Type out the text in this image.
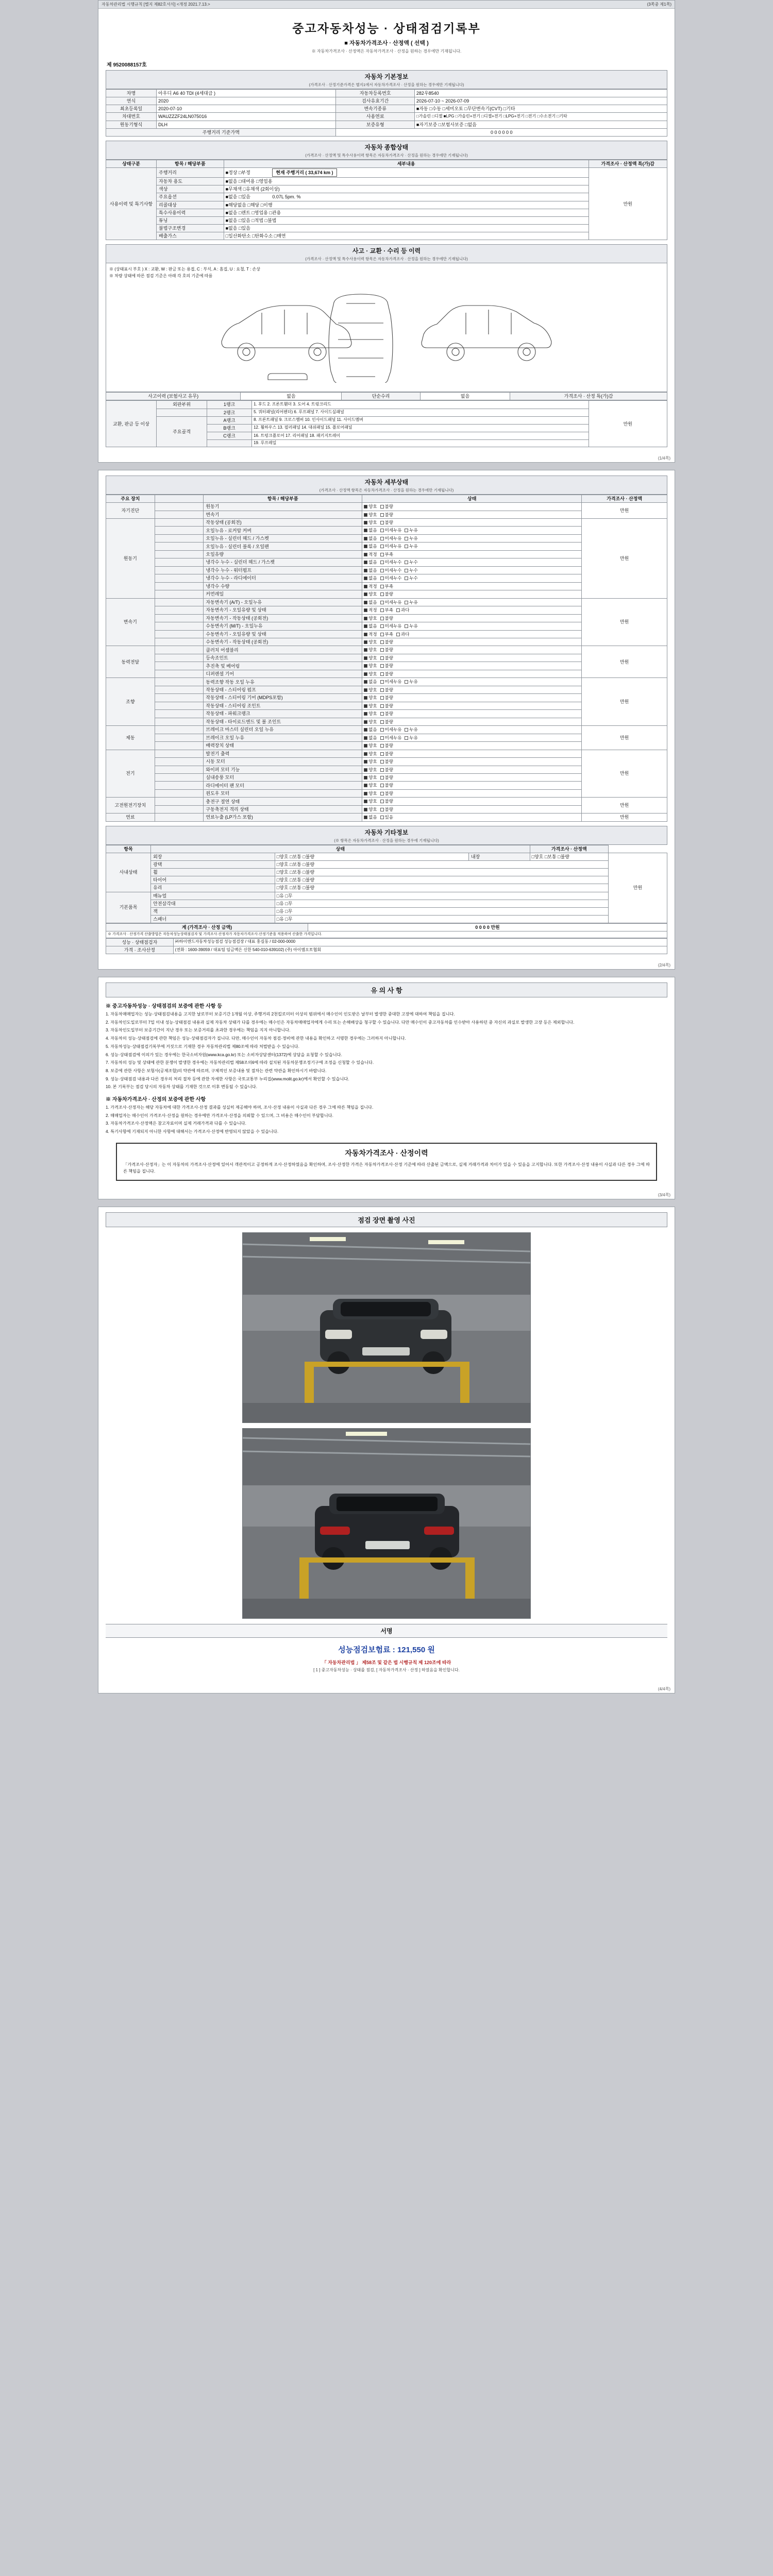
자동차관리법 시행규칙 [별지 제82호서식] <개정 2021.7.13.>	(3쪽중 제1쪽)
중고자동차성능 · 상태점검기록부
■ 자동차가격조사 · 산정액 ( 선택 )
※ 자동차가격조사 · 산정액은 자동차가격조사 · 산정을 원하는 경우에만 기재됩니다.
제 9520088157호
자동차 기본정보
(가격조사 · 산정기준가격은 별지1에서 자동차가격조사 · 산정을 원하는 경우에만 기재됩니다)
차명	아우디 A6 40 TDI (4세대급 )	자동차등록번호	282우8540
연식	2020	검사유효기간	2026-07-10 ~ 2026-07-09
최초등록일	2020-07-10	변속기종류	■자동 □수동 □세미오토 □무단변속기(CVT) □기타
차대번호	WAUZZZF24LN075016	사용연료	□가솔린 □디젤 ■LPG □가솔린+전기 □디젤+전기 □LPG+전기 □전기 □수소전기 □기타
원동기형식	DLH	보증유형	■자기보증 □보험사보증 □없음
주행거리 기준가액		0 0 0 0 0 0	
자동차 종합상태
(가격조사 · 산정액 및 특수사용이력 항목은 자동차가격조사 · 산정을 원하는 경우에만 기재됩니다)
상태구분	항목 / 해당부품	세부내용	가격조사 · 산정액 특(가)감
사용이력 및 특기사항	주행거리	■정상 □부정 현재 주행거리 ( 33,674 km )	만원
	자동차 용도	■없음 □대여용 □영업용	
	색상	■무채색 □유채색 (2회이상)	
	주요옵션	■없음 □있음 0.07L 5pm. %	
	리콜대상	■해당없음 □해당 □이행	
	특수사용이력	■없음 □렌트 □영업용 □관용	
	튜닝	■없음 □있음 □적법 □불법	
	불법구조변경	■없음 □있음	
	배출가스	□일산화탄소 □탄화수소 □매연	
사고 · 교환 · 수리 등 이력
(가격조사 · 산정액 및 특수사용이력 항목은 자동차가격조사 · 산정을 원하는 경우에만 기재됩니다)
※ (상태표시 부호 ) X : 교환, W : 판금 또는 용접, C : 부식, A : 흠집, U : 요철, T : 손상
※ 차량 상태에 따른 점검 기준은 아래 각 호의 기준에 따름
사고이력 (보험사고 유무)	없음	단순수리	없음	가격조사 · 산정 특(가)감
교환, 판금 등 이상	외판부위	1랭크	1. 후드 2. 프론트휀더 3. 도어 4. 트렁크리드	만원
		2랭크	5. 쿼터패널(리어펜더) 6. 루프패널 7. 사이드실패널	
	주요골격	A랭크	8. 프론트패널 9. 크로스멤버 10. 인사이드패널 11. 사이드멤버	
		B랭크	12. 휠하우스 13. 필러패널 14. 대쉬패널 15. 플로어패널	
		C랭크	16. 트렁크플로어 17. 리어패널 18. 패키지트레이	
			19. 루프레일	
(1/4쪽)
자동차 세부상태
(가격조사 · 산정액 항목은 자동차가격조사 · 산정을 원하는 경우에만 기재됩니다)
주요 장치		항목 / 해당부품	상태	가격조사 · 산정액
자기진단		원동기	양호 불량	만원
		변속기	양호 불량	
원동기		작동상태 (공회전)	양호 불량	만원
		오일누유 - 로커암 커버	없음 미세누유 누유	
		오일누유 - 실린더 헤드 / 가스켓	없음 미세누유 누유	
		오일누유 - 실린더 블록 / 오일팬	없음 미세누유 누유	
		오일유량	적정 부족	
		냉각수 누수 - 실린더 헤드 / 가스켓	없음 미세누수 누수	
		냉각수 누수 - 워터펌프	없음 미세누수 누수	
		냉각수 누수 - 라디에이터	없음 미세누수 누수	
		냉각수 수량	적정 부족	
		커먼레일	양호 불량	
변속기		자동변속기 (A/T) - 오일누유	없음 미세누유 누유	만원
		자동변속기 - 오일유량 및 상태	적정 부족 과다	
		자동변속기 - 작동상태 (공회전)	양호 불량	
		수동변속기 (M/T) - 오일누유	없음 미세누유 누유	
		수동변속기 - 오일유량 및 상태	적정 부족 과다	
		수동변속기 - 작동상태 (공회전)	양호 불량	
동력전달		클러치 어셈블리	양호 불량	만원
		등속조인트	양호 불량	
		추진축 및 베어링	양호 불량	
		디퍼렌셜 기어	양호 불량	
조향		동력조향 작동 오일 누유	없음 미세누유 누유	만원
		작동상태 - 스티어링 펌프	양호 불량	
		작동상태 - 스티어링 기어 (MDPS포함)	양호 불량	
		작동상태 - 스티어링 조인트	양호 불량	
		작동상태 - 파워크랭크	양호 불량	
		작동상태 - 타이로드엔드 및 볼 조인트	양호 불량	
제동		브레이크 마스터 실린더 오일 누유	없음 미세누유 누유	만원
		브레이크 오일 누유	없음 미세누유 누유	
		배력장치 상태	양호 불량	
전기		발전기 출력	양호 불량	만원
		시동 모터	양호 불량	
		와이퍼 모터 기능	양호 불량	
		실내송풍 모터	양호 불량	
		라디에이터 팬 모터	양호 불량	
		윈도우 모터	양호 불량	
고전원전기장치		충전구 절연 상태	양호 불량	만원
		구동축전지 격리 상태	양호 불량	
연료		연료누출 (LP가스 포함)	없음 있음	만원
자동차 기타정보
(※ 항목은 자동차가격조사 · 산정을 원하는 경우에 기재됩니다)
항목	상태			가격조사 · 산정액	
사내상태	외장	□양호 □보통 □불량	내장	□양호 □보통 □불량	만원
	광택	□양호 □보통 □불량			
	휠	□양호 □보통 □불량			
	타이어	□양호 □보통 □불량			
	유리	□양호 □보통 □불량			
기본품목	매뉴얼	□유 □무			
	안전삼각대	□유 □무			
	잭	□유 □무			
	스패너	□유 □무			
계 (가격조사 · 산정 금액)	0 0 0 0 만원
※ 가격조사 · 산정가격 산출방법은 자동차성능상태점검자 및 가격조사·산정자가 자동차가격조사·산정기준을 적용하여 산출한 가격입니다.
성능 · 상태점검자	㈜하이엔드자동차성능점검 성능점검장 / 대표 홍길동 / 02-000-0000
가격 · 조사산정	(전화 : 1600-39059 / 대표팀 임금액은 신한 540-010-639102) (주) 아이엠오토협회
(2/4쪽)
유 의 사 항
※ 중고자동차성능 · 상태점검의 보증에 관한 사항 등

1. 자동차매매업자는 성능·상태점검내용을 고지한 날로부터 보증기간 1개월 이상, 주행거리 2천킬로미터 이상의 범위에서 매수인이 인도받은 날부터 발생한 중대한 고장에 대하여 책임을 집니다.

2. 자동차인도일로부터 7일 이내 성능·상태점검 내용과 실제 자동차 상태가 다를 경우에는 매수인은 자동차매매업자에게 수리 또는 손해배상을 청구할 수 있습니다. 다만 매수인이 중고자동차를 인수받아 사용하던 중 자신의 과실로 발생한 고장 등은 제외합니다.

3. 자동차인도일부터 보증기간이 지난 경우 또는 보증거리를 초과한 경우에는 책임을 지지 아니합니다.

4. 자동차의 성능·상태점검에 관한 책임은 성능·상태점검자가 집니다. 다만, 매수인이 자동차 점검·정비에 관한 내용을 확인하고 서명한 경우에는 그러하지 아니합니다.

5. 자동차성능·상태점검기록부에 거짓으로 기재한 경우 자동차관리법 제80조에 따라 처벌받을 수 있습니다.

6. 성능·상태점검에 이의가 있는 경우에는 한국소비자원(www.kca.go.kr) 또는 소비자상담센터(1372)에 상담을 요청할 수 있습니다.

7. 자동차의 성능 및 상태에 관한 분쟁이 발생한 경우에는 자동차관리법 제58조의6에 따라 설치된 자동차분쟁조정기구에 조정을 신청할 수 있습니다.

8. 보증에 관한 사항은 보험사(공제조합)의 약관에 따르며, 구체적인 보증내용 및 절차는 관련 약관을 확인하시기 바랍니다.

9. 성능·상태점검 내용과 다른 경우의 처리 절차 등에 관한 자세한 사항은 국토교통부 누리집(www.molit.go.kr)에서 확인할 수 있습니다.

10. 본 기록부는 점검 당시의 자동차 상태를 기재한 것으로 이후 변동될 수 있습니다.

※ 자동차가격조사 · 산정의 보증에 관한 사항

1. 가격조사·산정자는 해당 자동차에 대한 가격조사·산정 결과를 성실히 제공해야 하며, 조사·산정 내용이 사실과 다른 경우 그에 따른 책임을 집니다.

2. 매매업자는 매수인이 가격조사·산정을 원하는 경우에만 가격조사·산정을 의뢰할 수 있으며, 그 비용은 매수인이 부담합니다.

3. 자동차가격조사·산정액은 참고자료이며 실제 거래가격과 다를 수 있습니다.

4. 특기사항에 기재되지 아니한 사항에 대해서는 가격조사·산정에 반영되지 않았을 수 있습니다.

자동차가격조사 · 산정이력
「가격조사·산정자」는 이 자동차의 가격조사·산정에 있어서 객관적이고 공정하게 조사·산정하였음을 확인하며, 조사·산정한 가격은 자동차가격조사·산정 기준에 따라 산출된 금액으로, 실제 거래가격과 차이가 있을 수 있음을 고지합니다. 또한 가격조사·산정 내용이 사실과 다른 경우 그에 따른 책임을 집니다.
(3/4쪽)
점검 장면 촬영 사진
서명
성능점검보험료 : 121,550 원
「 자동차관리법 」 제58조 및 같은 법 시행규칙 제 120조에 따라
[ 1 ] 중고자동차성능 · 상태를 점검, [ 자동차가격조사 · 산정 ] 하였음을 확인합니다.
(4/4쪽)
